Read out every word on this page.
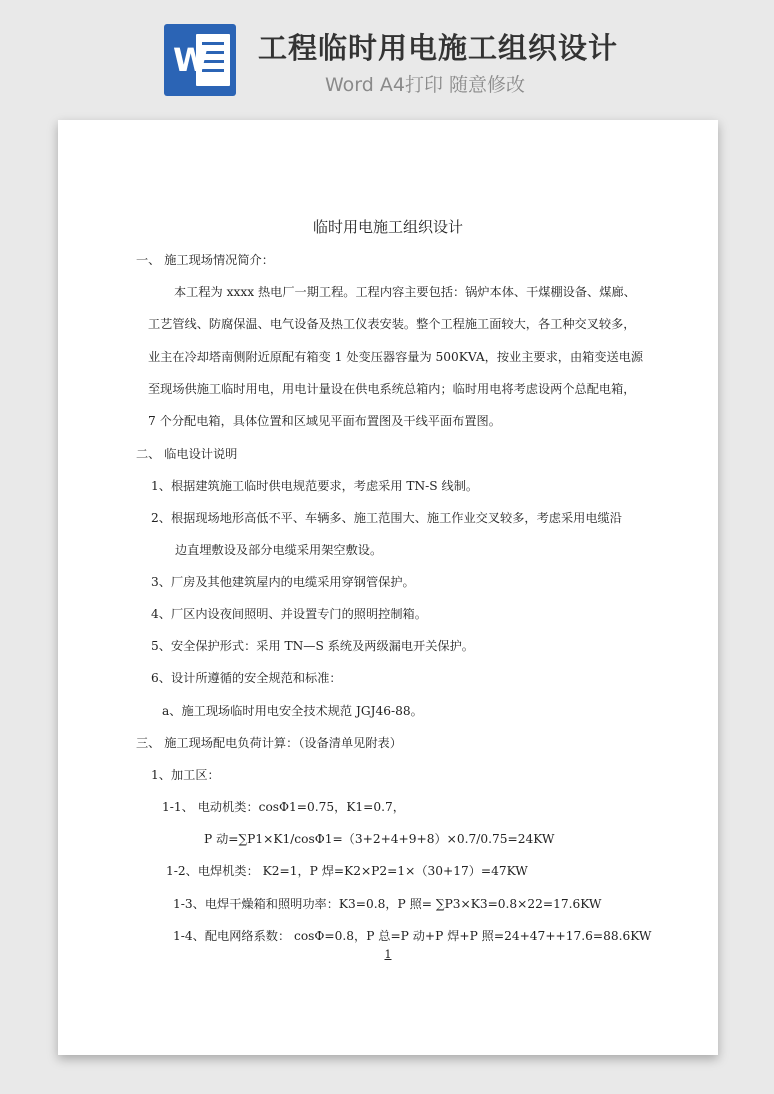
W 工程临时用电施工组织设计
Word A4打印 随意修改
临时用电施工组织设计
一、 施工现场情况简介：
本工程为 xxxx 热电厂一期工程。工程内容主要包括：锅炉本体、干煤棚设备、煤廊、
工艺管线、防腐保温、电气设备及热工仪表安装。整个工程施工面较大，各工种交叉较多，
业主在冷却塔南侧附近原配有箱变 1 处变压器容量为 500KVA，按业主要求，由箱变送电源
至现场供施工临时用电，用电计量设在供电系统总箱内；临时用电将考虑设两个总配电箱，
7 个分配电箱，具体位置和区域见平面布置图及干线平面布置图。
二、 临电设计说明
1、根据建筑施工临时供电规范要求，考虑采用 TN-S 线制。
2、根据现场地形高低不平、车辆多、施工范围大、施工作业交叉较多，考虑采用电缆沿
边直埋敷设及部分电缆采用架空敷设。
3、厂房及其他建筑屋内的电缆采用穿钢管保护。
4、厂区内设夜间照明、并设置专门的照明控制箱。
5、安全保护形式：采用 TN—S 系统及两级漏电开关保护。
6、设计所遵循的安全规范和标准：
a、施工现场临时用电安全技术规范 JGJ46-88。
三、 施工现场配电负荷计算：（设备清单见附表）
1、加工区：
1-1、 电动机类：cosΦ1=0.75，K1=0.7，
P 动=∑P1×K1/cosΦ1=（3+2+4+9+8）×0.7/0.75=24KW
1-2、电焊机类： K2=1，P 焊=K2×P2=1×（30+17）=47KW
1-3、电焊干燥箱和照明功率：K3=0.8，P 照= ∑P3×K3=0.8×22=17.6KW
1-4、配电网络系数： cosΦ=0.8，P 总=P 动+P 焊+P 照=24+47++17.6=88.6KW
1
